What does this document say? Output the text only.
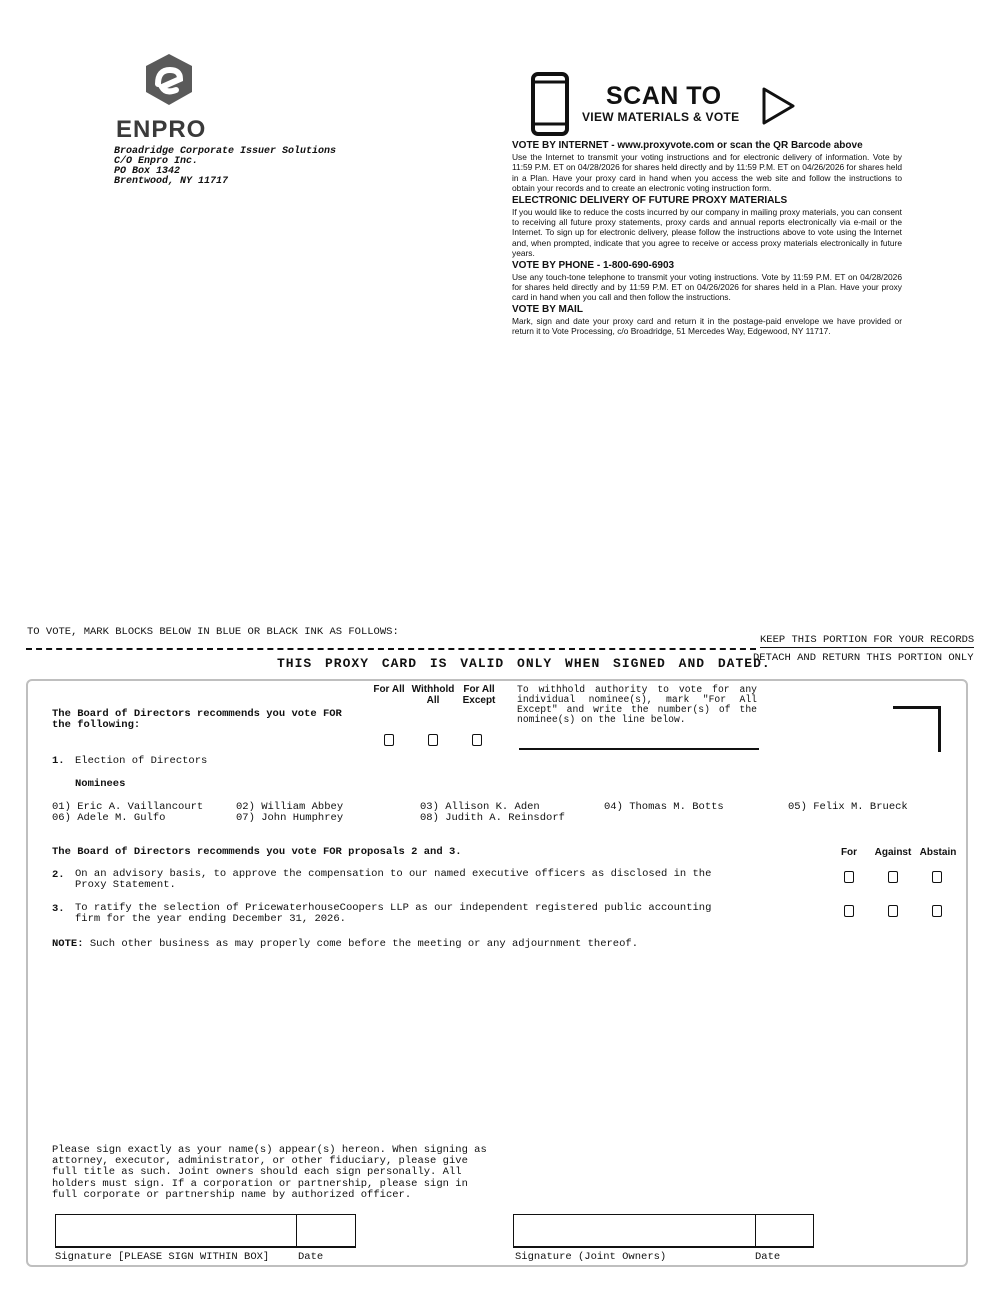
ENPRO
Broadridge Corporate Issuer Solutions
C/O Enpro Inc.
PO Box 1342
Brentwood, NY 11717
SCAN TO
VIEW MATERIALS & VOTE
VOTE BY INTERNET - www.proxyvote.com or scan the QR Barcode above

Use the Internet to transmit your voting instructions and for electronic delivery of information. Vote by 11:59 P.M. ET on 04/28/2026 for shares held directly and by 11:59 P.M. ET on 04/26/2026 for shares held in a Plan. Have your proxy card in hand when you access the web site and follow the instructions to obtain your records and to create an electronic voting instruction form.

ELECTRONIC DELIVERY OF FUTURE PROXY MATERIALS

If you would like to reduce the costs incurred by our company in mailing proxy materials, you can consent to receiving all future proxy statements, proxy cards and annual reports electronically via e-mail or the Internet. To sign up for electronic delivery, please follow the instructions above to vote using the Internet and, when prompted, indicate that you agree to receive or access proxy materials electronically in future years.

VOTE BY PHONE - 1-800-690-6903

Use any touch-tone telephone to transmit your voting instructions. Vote by 11:59 P.M. ET on 04/28/2026 for shares held directly and by 11:59 P.M. ET on 04/26/2026 for shares held in a Plan. Have your proxy card in hand when you call and then follow the instructions.

VOTE BY MAIL

Mark, sign and date your proxy card and return it in the postage-paid envelope we have provided or return it to Vote Processing, c/o Broadridge, 51 Mercedes Way, Edgewood, NY 11717.

TO VOTE, MARK BLOCKS BELOW IN BLUE OR BLACK INK AS FOLLOWS:
KEEP THIS PORTION FOR YOUR RECORDS
DETACH AND RETURN THIS PORTION ONLY
THIS PROXY CARD IS VALID ONLY WHEN SIGNED AND DATED.
The Board of Directors recommends you vote FOR the following:
For All Withhold All
For All Except
To withhold authority to vote for any individual nominee(s), mark "For All Except" and write the number(s) of the nominee(s) on the line below.
1. Election of Directors
Nominees
01) Eric A. Vaillancourt	02) William Abbey	03) Allison K. Aden	04) Thomas M. Botts	05) Felix M. Brueck
06) Adele M. Gulfo	07) John Humphrey	08) Judith A. Reinsdorf
The Board of Directors recommends you vote FOR proposals 2 and 3.	For	Against Abstain
2. On an advisory basis, to approve the compensation to our named executive officers as disclosed in the Proxy Statement.
3. To ratify the selection of PricewaterhouseCoopers LLP as our independent registered public accounting firm for the year ending December 31, 2026.
NOTE: Such other business as may properly come before the meeting or any adjournment thereof.
Please sign exactly as your name(s) appear(s) hereon. When signing as attorney, executor, administrator, or other fiduciary, please give full title as such. Joint owners should each sign personally. All holders must sign. If a corporation or partnership, please sign in full corporate or partnership name by authorized officer.
Signature [PLEASE SIGN WITHIN BOX]	Date	Signature (Joint Owners)	Date
